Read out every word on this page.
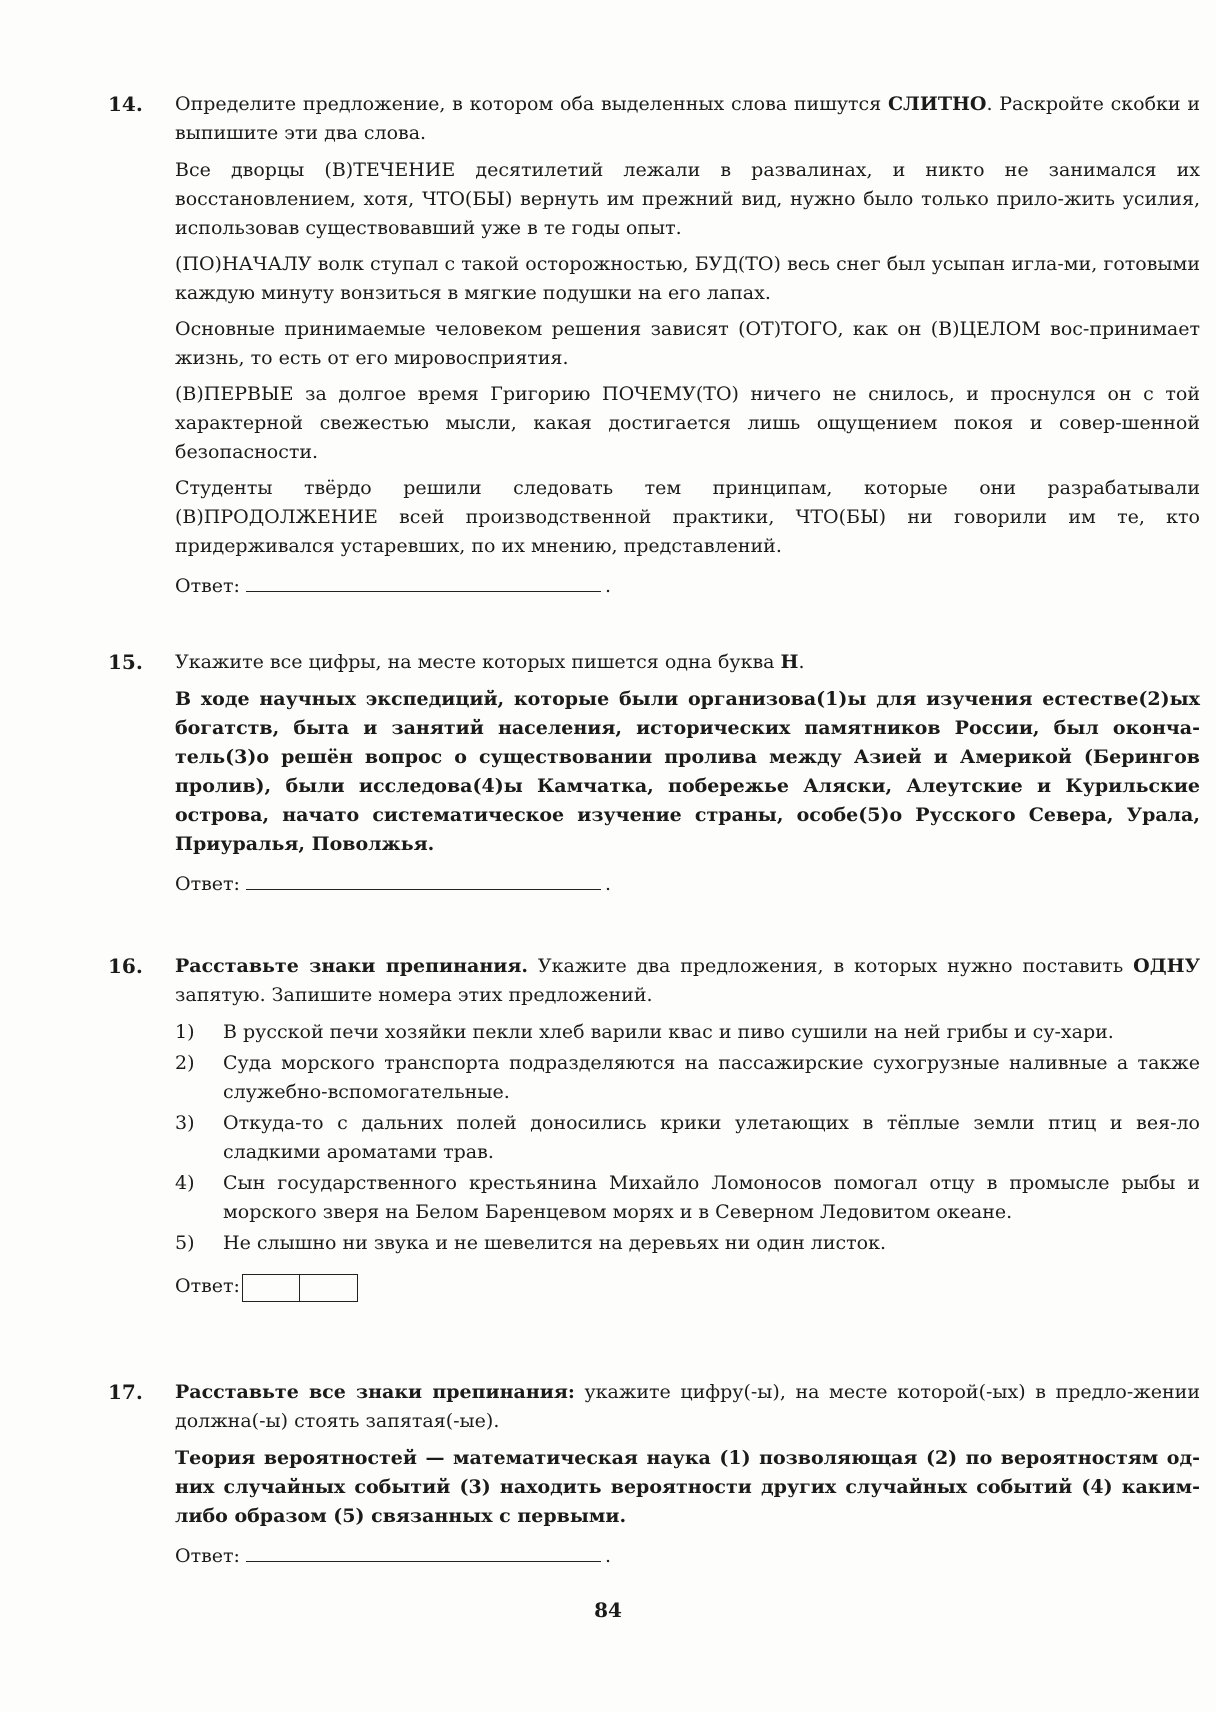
14. Определите предложение, в котором оба выделенных слова пишутся СЛИТНО. Раскройте скобки и выпишите эти два слова.

Все дворцы (В)ТЕЧЕНИЕ десятилетий лежали в развалинах, и никто не занимался их восстановлением, хотя, ЧТО(БЫ) вернуть им прежний вид, нужно было только прило-жить усилия, использовав существовавший уже в те годы опыт.

(ПО)НАЧАЛУ волк ступал с такой осторожностью, БУД(ТО) весь снег был усыпан игла-ми, готовыми каждую минуту вонзиться в мягкие подушки на его лапах.

Основные принимаемые человеком решения зависят (ОТ)ТОГО, как он (В)ЦЕЛОМ вос-принимает жизнь, то есть от его мировосприятия.

(В)ПЕРВЫЕ за долгое время Григорию ПОЧЕМУ(ТО) ничего не снилось, и проснулся он с той характерной свежестью мысли, какая достигается лишь ощущением покоя и совер-шенной безопасности.

Студенты твёрдо решили следовать тем принципам, которые они разрабатывали (В)ПРОДОЛЖЕНИЕ всей производственной практики, ЧТО(БЫ) ни говорили им те, кто придерживался устаревших, по их мнению, представлений.

Ответ:	.
15. Укажите все цифры, на месте которых пишется одна буква Н.

В ходе научных экспедиций, которые были организова(1)ы для изучения естестве(2)ых богатств, быта и занятий населения, исторических памятников России, был оконча-тель(3)о решён вопрос о существовании пролива между Азией и Америкой (Берингов пролив), были исследова(4)ы Камчатка, побережье Аляски, Алеутские и Курильские острова, начато систематическое изучение страны, особе(5)о Русского Севера, Урала, Приуралья, Поволжья.

Ответ:	.
16. Расставьте знаки препинания. Укажите два предложения, в которых нужно поставить ОДНУ запятую. Запишите номера этих предложений.

1) В русской печи хозяйки пекли хлеб варили квас и пиво сушили на ней грибы и су-хари.
2) Суда морского транспорта подразделяются на пассажирские сухогрузные наливные а также служебно-вспомогательные.
3) Откуда-то с дальних полей доносились крики улетающих в тёплые земли птиц и вея-ло сладкими ароматами трав.
4) Сын государственного крестьянина Михайло Ломоносов помогал отцу в промысле рыбы и морского зверя на Белом Баренцевом морях и в Северном Ледовитом океане.
5) Не слышно ни звука и не шевелится на деревьях ни один листок.
Ответ:
17. Расставьте все знаки препинания: укажите цифру(-ы), на месте которой(-ых) в предло-жении должна(-ы) стоять запятая(-ые).

Теория вероятностей — математическая наука (1) позволяющая (2) по вероятностям од-них случайных событий (3) находить вероятности других случайных событий (4) каким-либо образом (5) связанных с первыми.

Ответ:	.
84
